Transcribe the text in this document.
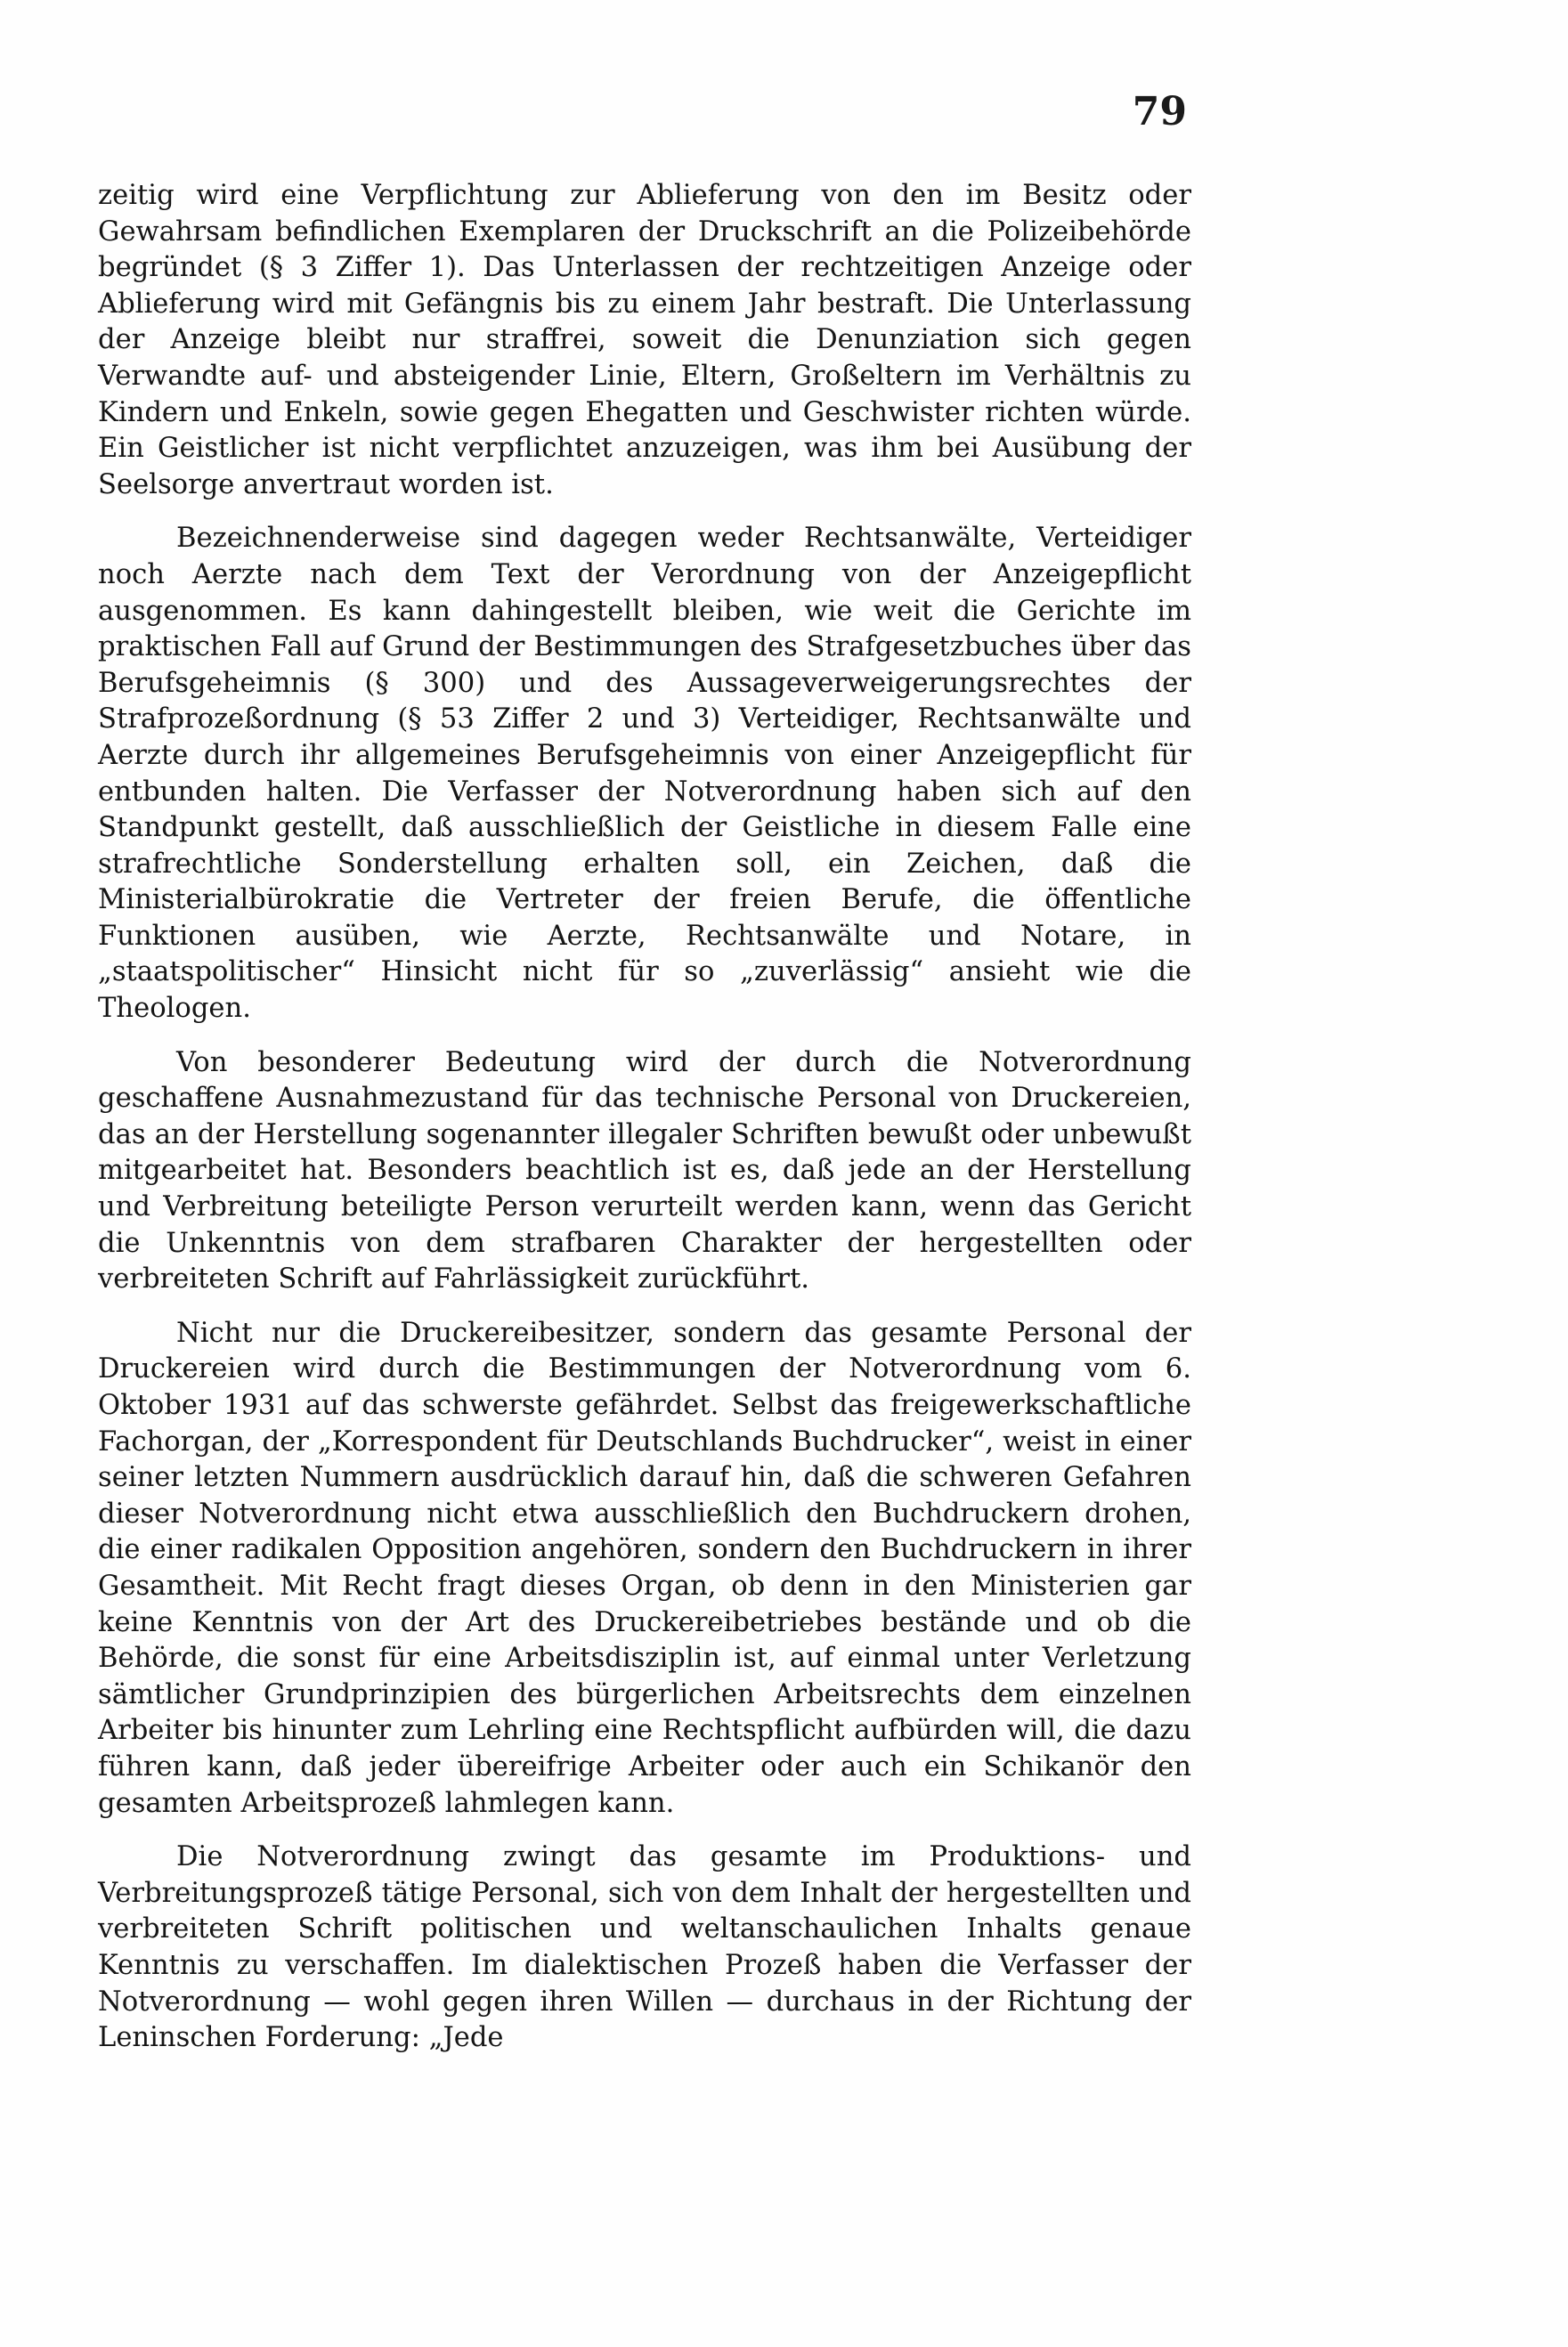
79

zeitig wird eine Verpflichtung zur Ablieferung von den im Besitz oder Gewahrsam befindlichen Exemplaren der Druckschrift an die Polizeibehörde begründet (§ 3 Ziffer 1). Das Unterlassen der rechtzeitigen Anzeige oder Ablieferung wird mit Gefängnis bis zu einem Jahr bestraft. Die Unterlassung der Anzeige bleibt nur straffrei, soweit die Denunziation sich gegen Verwandte auf- und absteigender Linie, Eltern, Großeltern im Verhältnis zu Kindern und Enkeln, sowie gegen Ehegatten und Geschwister richten würde. Ein Geistlicher ist nicht verpflichtet anzuzeigen, was ihm bei Ausübung der Seelsorge anvertraut worden ist.

Bezeichnenderweise sind dagegen weder Rechtsanwälte, Verteidiger noch Aerzte nach dem Text der Verordnung von der Anzeigepflicht ausgenommen. Es kann dahingestellt bleiben, wie weit die Gerichte im praktischen Fall auf Grund der Bestimmungen des Strafgesetzbuches über das Berufsgeheimnis (§ 300) und des Aussageverweigerungsrechtes der Strafprozeßordnung (§ 53 Ziffer 2 und 3) Verteidiger, Rechtsanwälte und Aerzte durch ihr allgemeines Berufsgeheimnis von einer Anzeigepflicht für entbunden halten. Die Verfasser der Notverordnung haben sich auf den Standpunkt gestellt, daß ausschließlich der Geistliche in diesem Falle eine strafrechtliche Sonderstellung erhalten soll, ein Zeichen, daß die Ministerialbürokratie die Vertreter der freien Berufe, die öffentliche Funktionen ausüben, wie Aerzte, Rechtsanwälte und Notare, in „staatspolitischer“ Hinsicht nicht für so „zuverlässig“ ansieht wie die Theologen.

Von besonderer Bedeutung wird der durch die Notverordnung geschaffene Ausnahmezustand für das technische Personal von Druckereien, das an der Herstellung sogenannter illegaler Schriften bewußt oder unbewußt mitgearbeitet hat. Besonders beachtlich ist es, daß jede an der Herstellung und Verbreitung beteiligte Person verurteilt werden kann, wenn das Gericht die Unkenntnis von dem strafbaren Charakter der hergestellten oder verbreiteten Schrift auf Fahrlässigkeit zurückführt.

Nicht nur die Druckereibesitzer, sondern das gesamte Personal der Druckereien wird durch die Bestimmungen der Notverordnung vom 6. Oktober 1931 auf das schwerste gefährdet. Selbst das freigewerkschaftliche Fachorgan, der „Korrespondent für Deutschlands Buchdrucker“, weist in einer seiner letzten Nummern ausdrücklich darauf hin, daß die schweren Gefahren dieser Notverordnung nicht etwa ausschließlich den Buchdruckern drohen, die einer radikalen Opposition angehören, sondern den Buchdruckern in ihrer Gesamtheit. Mit Recht fragt dieses Organ, ob denn in den Ministerien gar keine Kenntnis von der Art des Druckereibetriebes bestände und ob die Behörde, die sonst für eine Arbeitsdisziplin ist, auf einmal unter Verletzung sämtlicher Grundprinzipien des bürgerlichen Arbeitsrechts dem einzelnen Arbeiter bis hinunter zum Lehrling eine Rechtspflicht aufbürden will, die dazu führen kann, daß jeder übereifrige Arbeiter oder auch ein Schikanör den gesamten Arbeitsprozeß lahmlegen kann.

Die Notverordnung zwingt das gesamte im Produktions- und Verbreitungsprozeß tätige Personal, sich von dem Inhalt der hergestellten und verbreiteten Schrift politischen und weltanschaulichen Inhalts genaue Kenntnis zu verschaffen. Im dialektischen Prozeß haben die Verfasser der Notverordnung — wohl gegen ihren Willen — durchaus in der Richtung der Leninschen Forderung: „Jede
